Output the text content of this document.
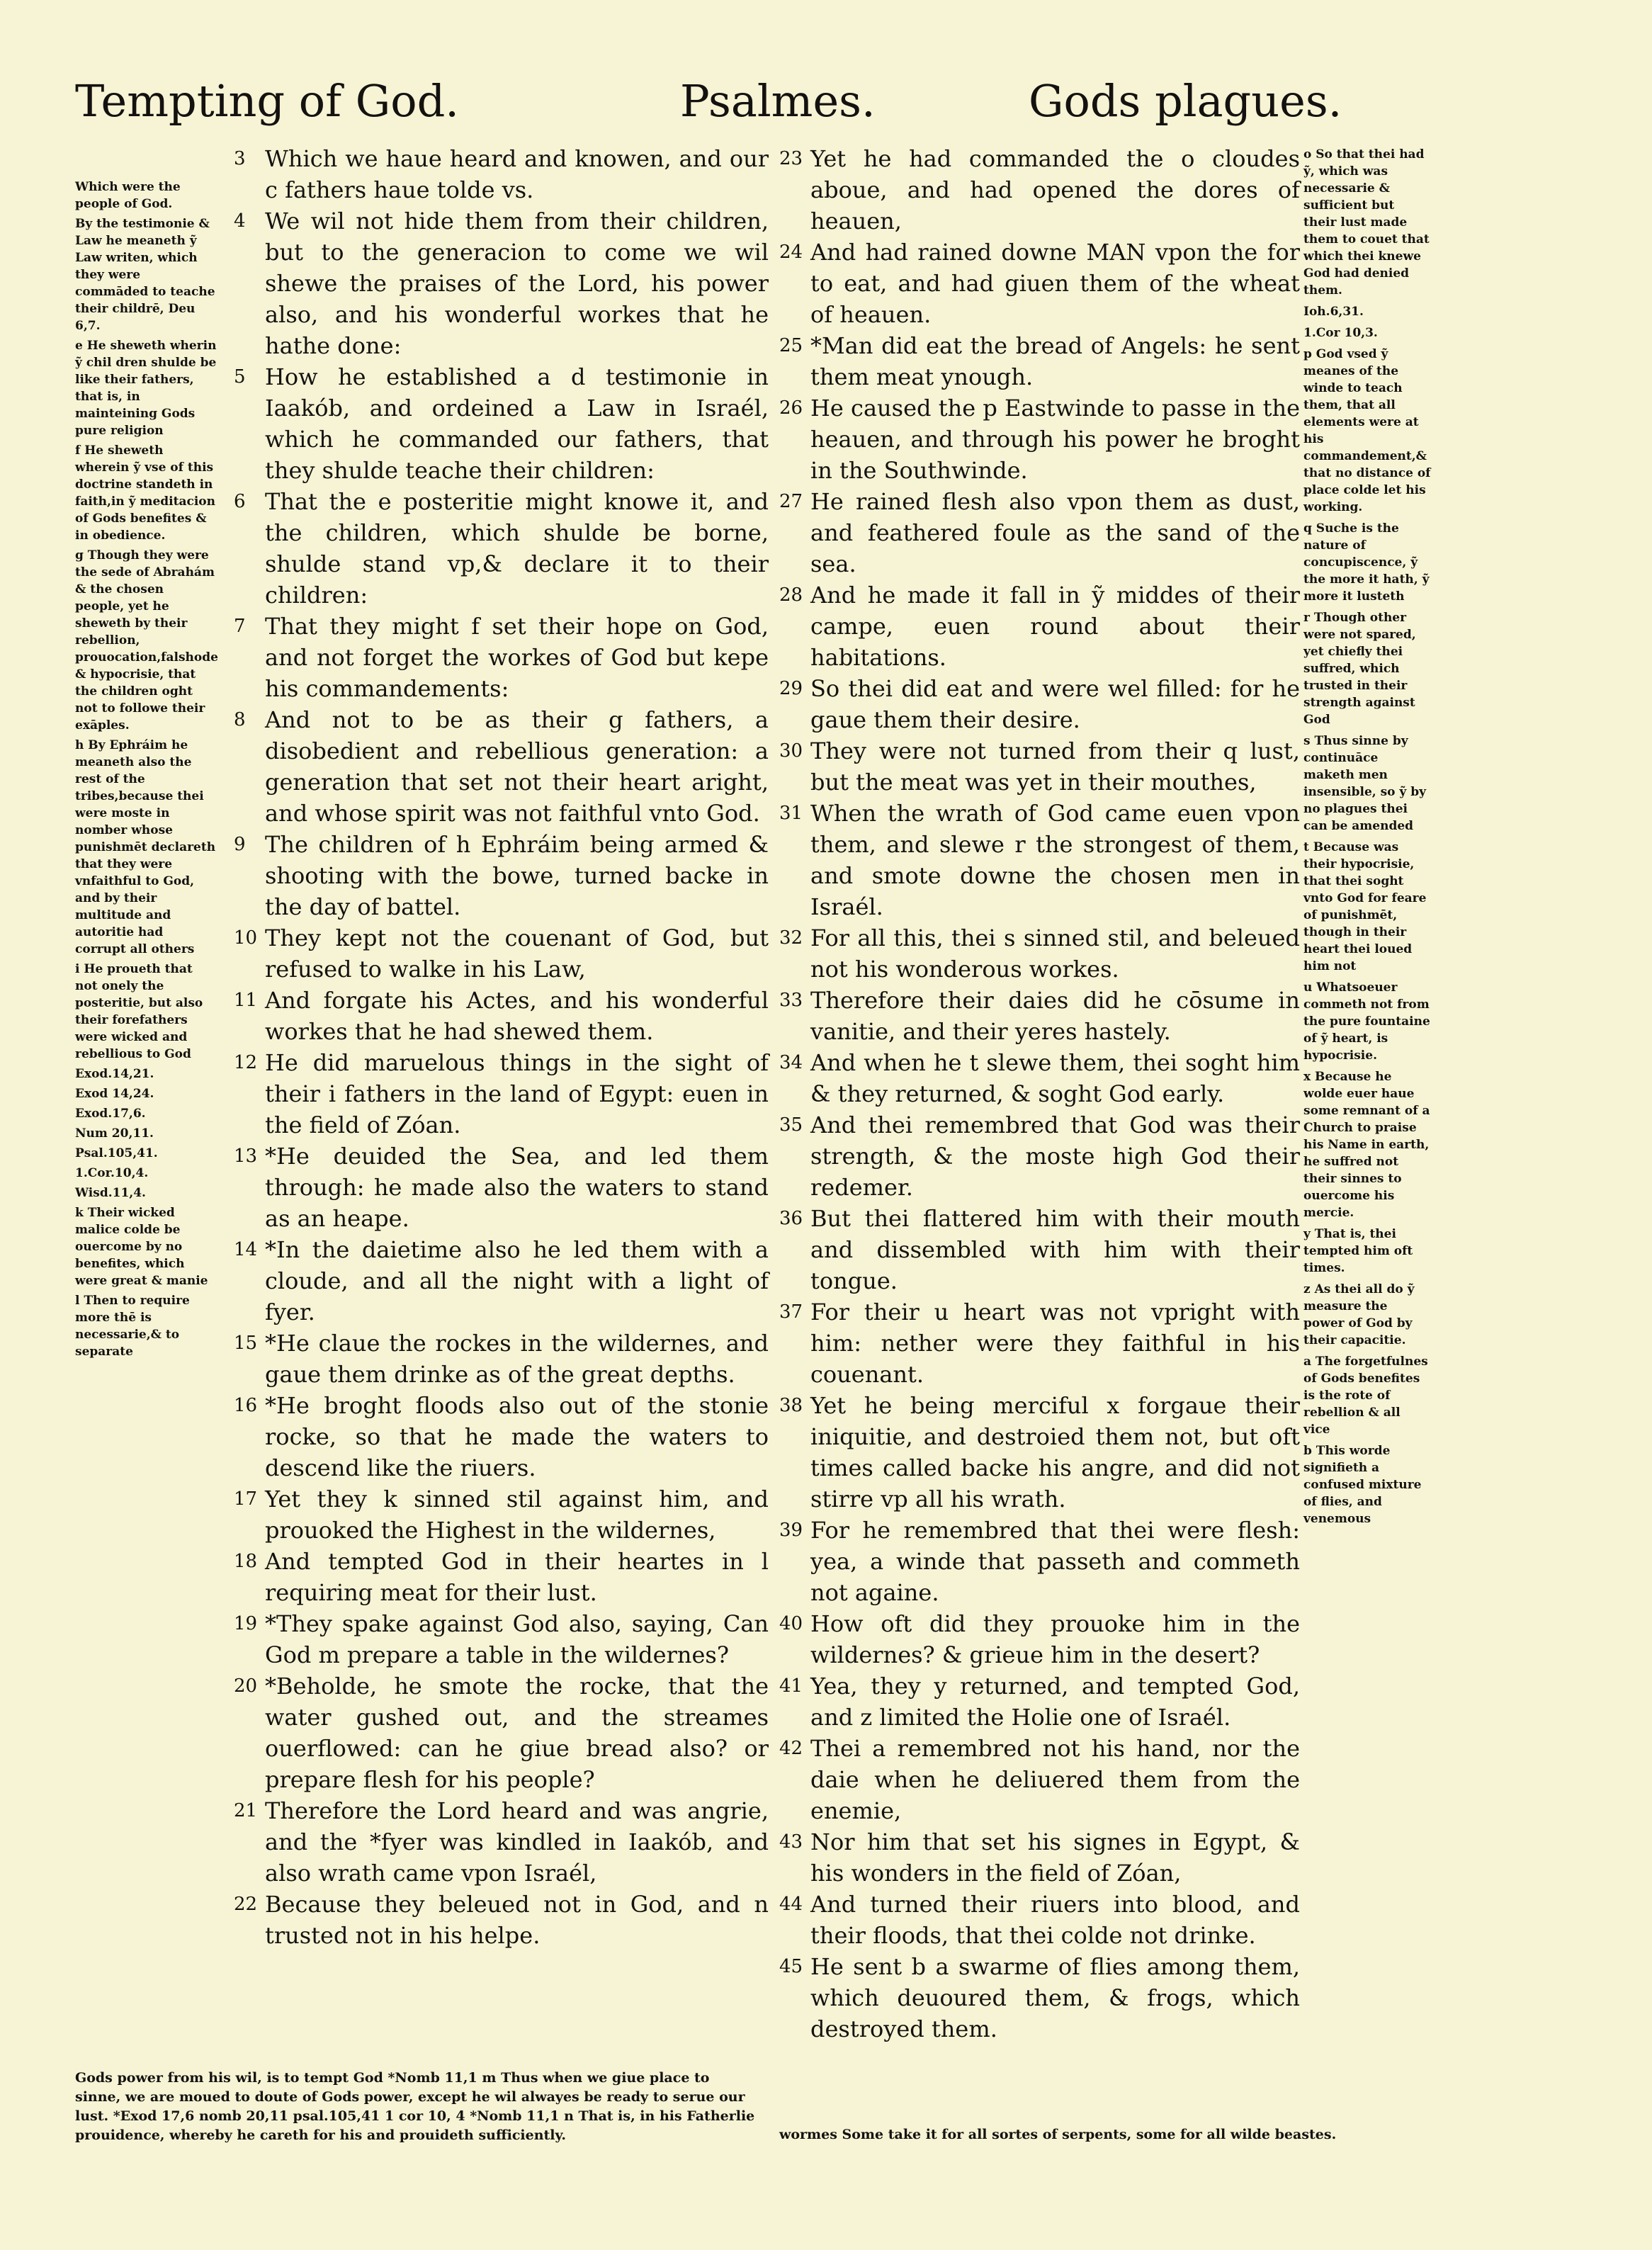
Tempting of God.	Psalmes.	Gods plagues.

Which were the people of God.

By the testimonie & Law he meaneth ỹ Law writen, which they were commāded to teache their childrē, Deu 6,7.

e He sheweth wherin ỹ chil dren shulde be like their fathers, that is, in mainteining Gods pure religion

f He sheweth wherein ỹ vse of this doctrine standeth in faith,in ỹ meditacion of Gods benefites & in obedience.

g Though they were the sede of Abrahám & the chosen people, yet he sheweth by their rebellion, prouocation,falshode & hypocrisie, that the children oght not to followe their exāples.

h By Ephráim he meaneth also the rest of the tribes,because thei were moste in nomber whose punishmēt declareth that they were vnfaithful to God, and by their multitude and autoritie had corrupt all others

i He proueth that not onely the posteritie, but also their forefathers were wicked and rebellious to God

Exod.14,21.

Exod 14,24.

Exod.17,6.

Num 20,11.

Psal.105,41.

1.Cor.10,4.

Wisd.11,4.

k Their wicked malice colde be ouercome by no benefites, which were great & manie

l Then to require more thē is necessarie,& to separate

3 Which we haue heard and knowen, and our c fathers haue tolde vs.

4 We wil not hide them from their children, but to the generacion to come we wil shewe the praises of the Lord, his power also, and his wonderful workes that he hathe done:

5 How he established a d testimonie in Iaakób, and ordeined a Law in Israél, which he commanded our fathers, that they shulde teache their children:

6 That the e posteritie might knowe it, and the children, which shulde be borne, shulde stand vp,& declare it to their children:

7 That they might f set their hope on God, and not forget the workes of God but kepe his commandements:

8 And not to be as their g fathers, a disobedient and rebellious generation: a generation that set not their heart aright, and whose spirit was not faithful vnto God.

9 The children of h Ephráim being armed & shooting with the bowe, turned backe in the day of battel.

10 They kept not the couenant of God, but refused to walke in his Law,

11 And forgate his Actes, and his wonderful workes that he had shewed them.

12 He did maruelous things in the sight of their i fathers in the land of Egypt: euen in the field of Zóan.

13 *He deuided the Sea, and led them through: he made also the waters to stand as an heape.

14 *In the daietime also he led them with a cloude, and all the night with a light of fyer.

15 *He claue the rockes in the wildernes, and gaue them drinke as of the great depths.

16 *He broght floods also out of the stonie rocke, so that he made the waters to descend like the riuers.

17 Yet they k sinned stil against him, and prouoked the Highest in the wildernes,

18 And tempted God in their heartes in l requiring meat for their lust.

19 *They spake against God also, saying, Can God m prepare a table in the wildernes?

20 *Beholde, he smote the rocke, that the water gushed out, and the streames ouerflowed: can he giue bread also? or prepare flesh for his people?

21 Therefore the Lord heard and was angrie, and the *fyer was kindled in Iaakób, and also wrath came vpon Israél,

22 Because they beleued not in God, and n trusted not in his helpe.

23 Yet he had commanded the o cloudes aboue, and had opened the dores of heauen,

24 And had rained downe MAN vpon the for to eat, and had giuen them of the wheat of heauen.

25 *Man did eat the bread of Angels: he sent them meat ynough.

26 He caused the p Eastwinde to passe in the heauen, and through his power he broght in the Southwinde.

27 He rained flesh also vpon them as dust, and feathered foule as the sand of the sea.

28 And he made it fall in ỹ middes of their campe, euen round about their habitations.

29 So thei did eat and were wel filled: for he gaue them their desire.

30 They were not turned from their q lust, but the meat was yet in their mouthes,

31 When the wrath of God came euen vpon them, and slewe r the strongest of them, and smote downe the chosen men in Israél.

32 For all this, thei s sinned stil, and beleued not his wonderous workes.

33 Therefore their daies did he cōsume in vanitie, and their yeres hastely.

34 And when he t slewe them, thei soght him & they returned, & soght God early.

35 And thei remembred that God was their strength, & the moste high God their redemer.

36 But thei flattered him with their mouth and dissembled with him with their tongue.

37 For their u heart was not vpright with him: nether were they faithful in his couenant.

38 Yet he being merciful x forgaue their iniquitie, and destroied them not, but oft times called backe his angre, and did not stirre vp all his wrath.

39 For he remembred that thei were flesh: yea, a winde that passeth and commeth not againe.

40 How oft did they prouoke him in the wildernes? & grieue him in the desert?

41 Yea, they y returned, and tempted God, and z limited the Holie one of Israél.

42 Thei a remembred not his hand, nor the daie when he deliuered them from the enemie,

43 Nor him that set his signes in Egypt, & his wonders in the field of Zóan,

44 And turned their riuers into blood, and their floods, that thei colde not drinke.

45 He sent b a swarme of flies among them, which deuoured them, & frogs, which destroyed them.

o So that thei had ỹ, which was necessarie & sufficient but their lust made them to couet that which thei knewe God had denied them.

Ioh.6,31.

1.Cor 10,3.

p God vsed ỹ meanes of the winde to teach them, that all elements were at his commandement,& that no distance of place colde let his working.

q Suche is the nature of concupiscence, ỹ the more it hath, ỹ more it lusteth

r Though other were not spared, yet chiefly thei suffred, which trusted in their strength against God

s Thus sinne by continuāce maketh men insensible, so ỹ by no plagues thei can be amended

t Because was their hypocrisie, that thei soght vnto God for feare of punishmēt, though in their heart thei loued him not

u Whatsoeuer commeth not from the pure fountaine of ỹ heart, is hypocrisie.

x Because he wolde euer haue some remnant of a Church to praise his Name in earth, he suffred not their sinnes to ouercome his mercie.

y That is, thei tempted him oft times.

z As thei all do ỹ measure the power of God by their capacitie.

a The forgetfulnes of Gods benefites is the rote of rebellion & all vice

b This worde signifieth a confused mixture of flies, and venemous

Gods power from his wil, is to tempt God *Nomb 11,1 m Thus when we giue place to sinne, we are moued to doute of Gods power, except he wil alwayes be ready to serue our lust. *Exod 17,6 nomb 20,11 psal.105,41 1 cor 10, 4 *Nomb 11,1 n That is, in his Fatherlie prouidence, whereby he careth for his and prouideth sufficiently.	wormes Some take it for all sortes of serpents, some for all wilde beastes.
